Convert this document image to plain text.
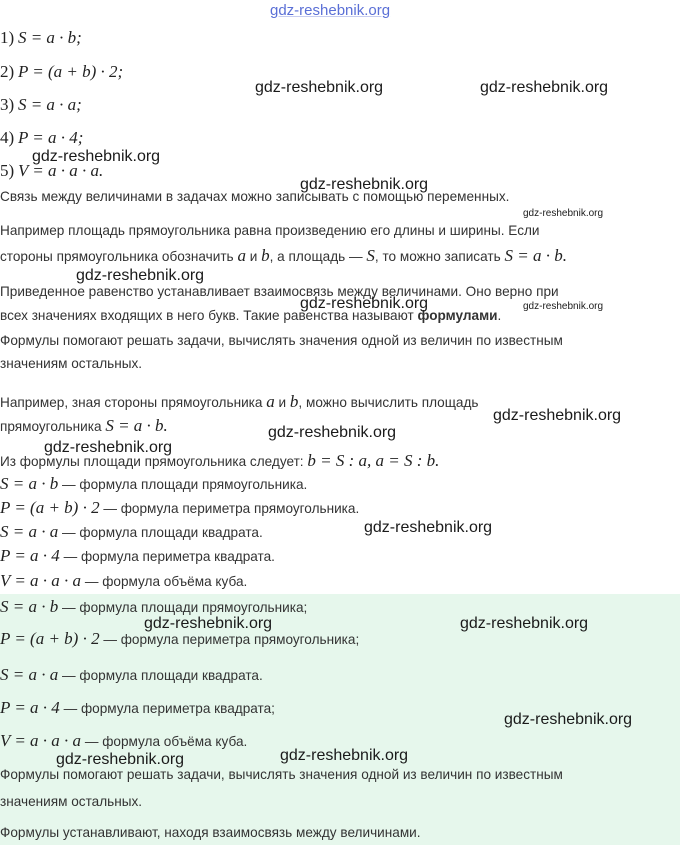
gdz-reshebnik.org
1) S = a · b;
2) P = (a + b) · 2;
3) S = a · a;
4) P = a · 4;
5) V = a · a · a.
Связь между величинами в задачах можно записывать с помощью переменных.
Например площадь прямоугольника равна произведению его длины и ширины. Если
стороны прямоугольника обозначить a и b, а площадь — S, то можно записать S = a · b.
Приведенное равенство устанавливает взаимосвязь между величинами. Оно верно при
всех значениях входящих в него букв. Такие равенства называют формулами.
Формулы помогают решать задачи, вычислять значения одной из величин по известным
значениям остальных.
Например, зная стороны прямоугольника a и b, можно вычислить площадь
прямоугольника S = a · b.
Из формулы площади прямоугольника следует: b = S : a, a = S : b.
S = a · b — формула площади прямоугольника.
P = (a + b) · 2 — формула периметра прямоугольника.
S = a · a — формула площади квадрата.
P = a · 4 — формула периметра квадрата.
V = a · a · a — формула объёма куба.
S = a · b — формула площади прямоугольника;
P = (a + b) · 2 — формула периметра прямоугольника;
S = a · a — формула площади квадрата.
P = a · 4 — формула периметра квадрата;
V = a · a · a — формула объёма куба.
Формулы помогают решать задачи, вычислять значения одной из величин по известным
значениям остальных.
Формулы устанавливают, находя взаимосвязь между величинами.
gdz-reshebnik.org	gdz-reshebnik.org
gdz-reshebnik.org
gdz-reshebnik.org
gdz-reshebnik.org
gdz-reshebnik.org
gdz-reshebnik.org	gdz-reshebnik.org
gdz-reshebnik.org
gdz-reshebnik.org
gdz-reshebnik.org
gdz-reshebnik.org
gdz-reshebnik.org	gdz-reshebnik.org
gdz-reshebnik.org
gdz-reshebnik.org
gdz-reshebnik.org
